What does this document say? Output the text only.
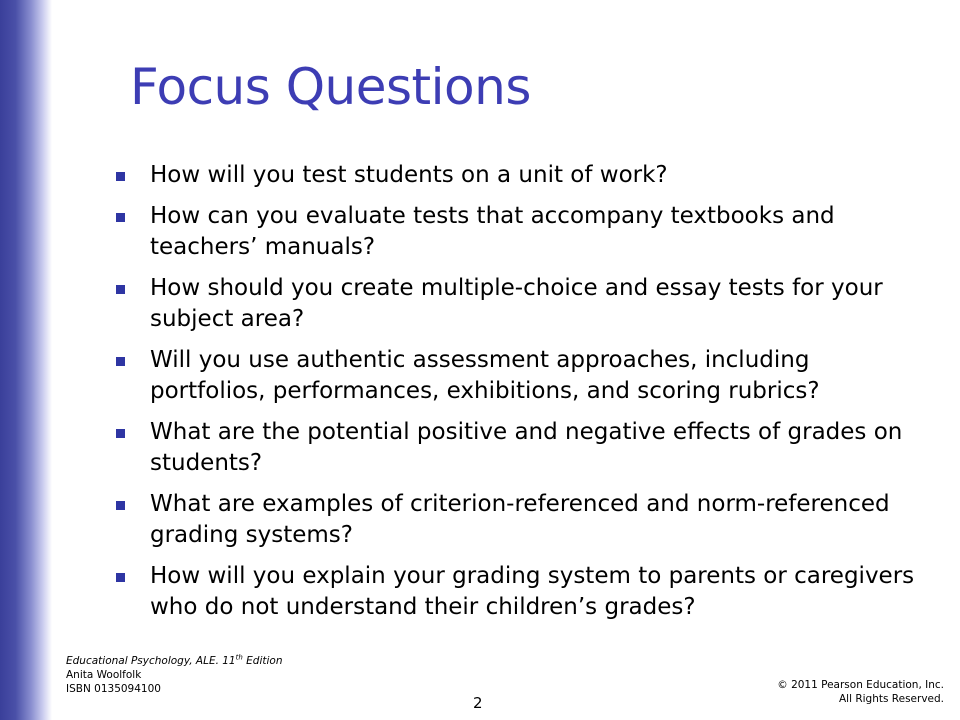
Focus Questions
How will you test students on a unit of work?
How can you evaluate tests that accompany textbooks and teachers’ manuals?
How should you create multiple-choice and essay tests for your subject area?
Will you use authentic assessment approaches, including portfolios, performances, exhibitions, and scoring rubrics?
What are the potential positive and negative effects of grades on students?
What are examples of criterion-referenced and norm-referenced grading systems?
How will you explain your grading system to parents or caregivers who do not understand their children’s grades?
Educational Psychology, ALE. 11th Edition
Anita Woolfolk
ISBN 0135094100
2
© 2011 Pearson Education, Inc.
All Rights Reserved.
